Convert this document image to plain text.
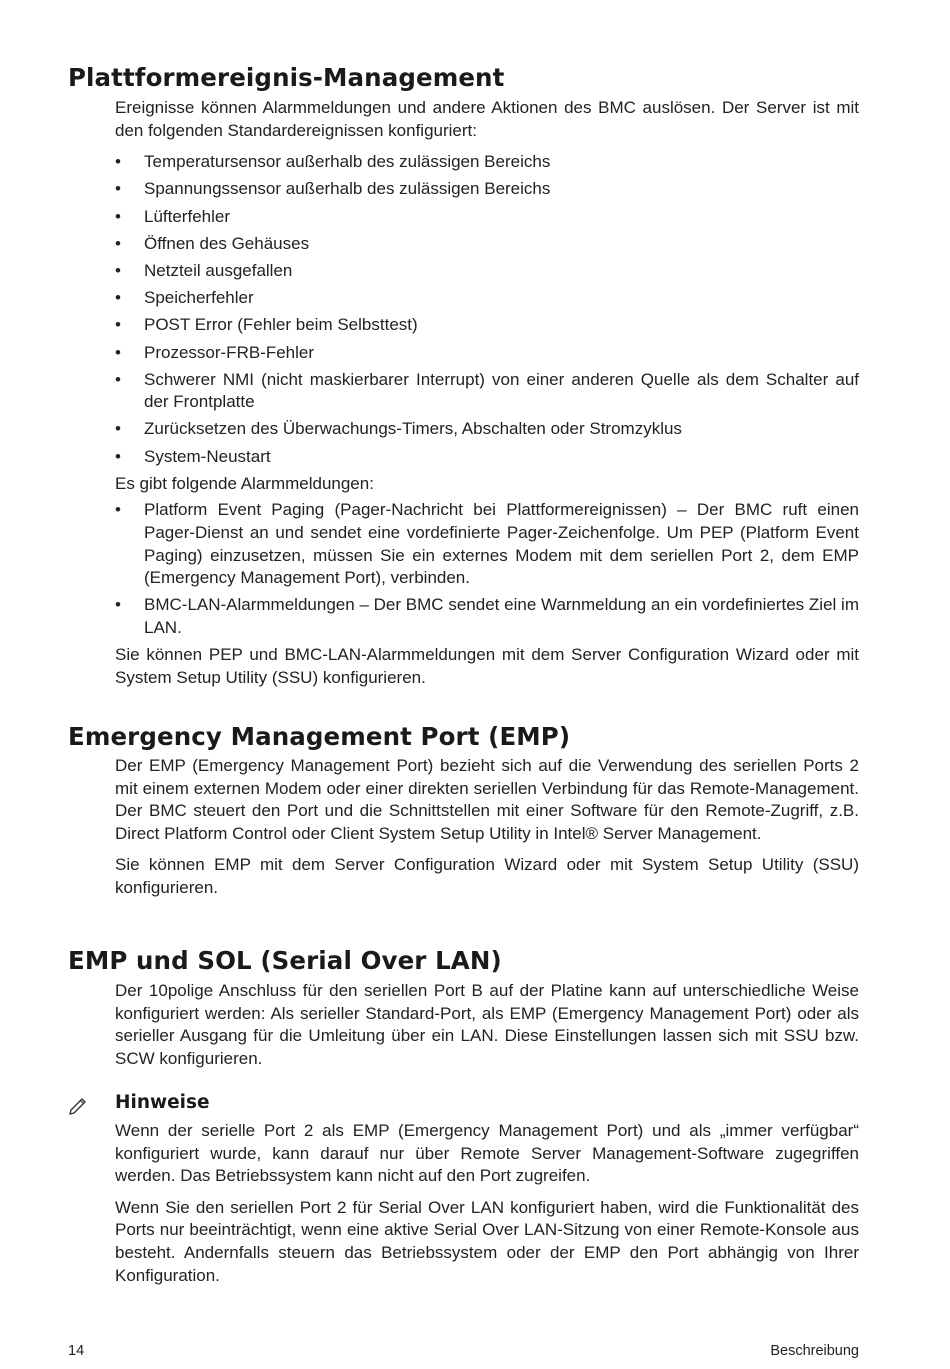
Plattformereignis-Management

Ereignisse können Alarmmeldungen und andere Aktionen des BMC auslösen. Der Server ist mit den folgenden Standardereignissen konfiguriert:

• Temperatursensor außerhalb des zulässigen Bereichs
• Spannungssensor außerhalb des zulässigen Bereichs
• Lüfterfehler
• Öffnen des Gehäuses
• Netzteil ausgefallen
• Speicherfehler
• POST Error (Fehler beim Selbsttest)
• Prozessor-FRB-Fehler
• Schwerer NMI (nicht maskierbarer Interrupt) von einer anderen Quelle als dem Schalter auf der Frontplatte
• Zurücksetzen des Überwachungs-Timers, Abschalten oder Stromzyklus
• System-Neustart

Es gibt folgende Alarmmeldungen:

• Platform Event Paging (Pager-Nachricht bei Plattformereignissen) – Der BMC ruft einen Pager-Dienst an und sendet eine vordefinierte Pager-Zeichenfolge. Um PEP (Platform Event Paging) einzusetzen, müssen Sie ein externes Modem mit dem seriellen Port 2, dem EMP (Emergency Management Port), verbinden.
• BMC-LAN-Alarmmeldungen – Der BMC sendet eine Warnmeldung an ein vordefiniertes Ziel im LAN.

Sie können PEP und BMC-LAN-Alarmmeldungen mit dem Server Configuration Wizard oder mit System Setup Utility (SSU) konfigurieren.

Emergency Management Port (EMP)

Der EMP (Emergency Management Port) bezieht sich auf die Verwendung des seriellen Ports 2 mit einem externen Modem oder einer direkten seriellen Verbindung für das Remote-Management. Der BMC steuert den Port und die Schnittstellen mit einer Software für den Remote-Zugriff, z.B. Direct Platform Control oder Client System Setup Utility in Intel® Server Management.

Sie können EMP mit dem Server Configuration Wizard oder mit System Setup Utility (SSU) konfigurieren.

EMP und SOL (Serial Over LAN)

Der 10polige Anschluss für den seriellen Port B auf der Platine kann auf unterschiedliche Weise konfiguriert werden: Als serieller Standard-Port, als EMP (Emergency Management Port) oder als serieller Ausgang für die Umleitung über ein LAN. Diese Einstellungen lassen sich mit SSU bzw. SCW konfigurieren.

Hinweise

Wenn der serielle Port 2 als EMP (Emergency Management Port) und als „immer verfügbar“ konfiguriert wurde, kann darauf nur über Remote Server Management-Software zugegriffen werden. Das Betriebssystem kann nicht auf den Port zugreifen.

Wenn Sie den seriellen Port 2 für Serial Over LAN konfiguriert haben, wird die Funktionalität des Ports nur beeinträchtigt, wenn eine aktive Serial Over LAN-Sitzung von einer Remote-Konsole aus besteht. Andernfalls steuern das Betriebssystem oder der EMP den Port abhängig von Ihrer Konfiguration.

14	Beschreibung
